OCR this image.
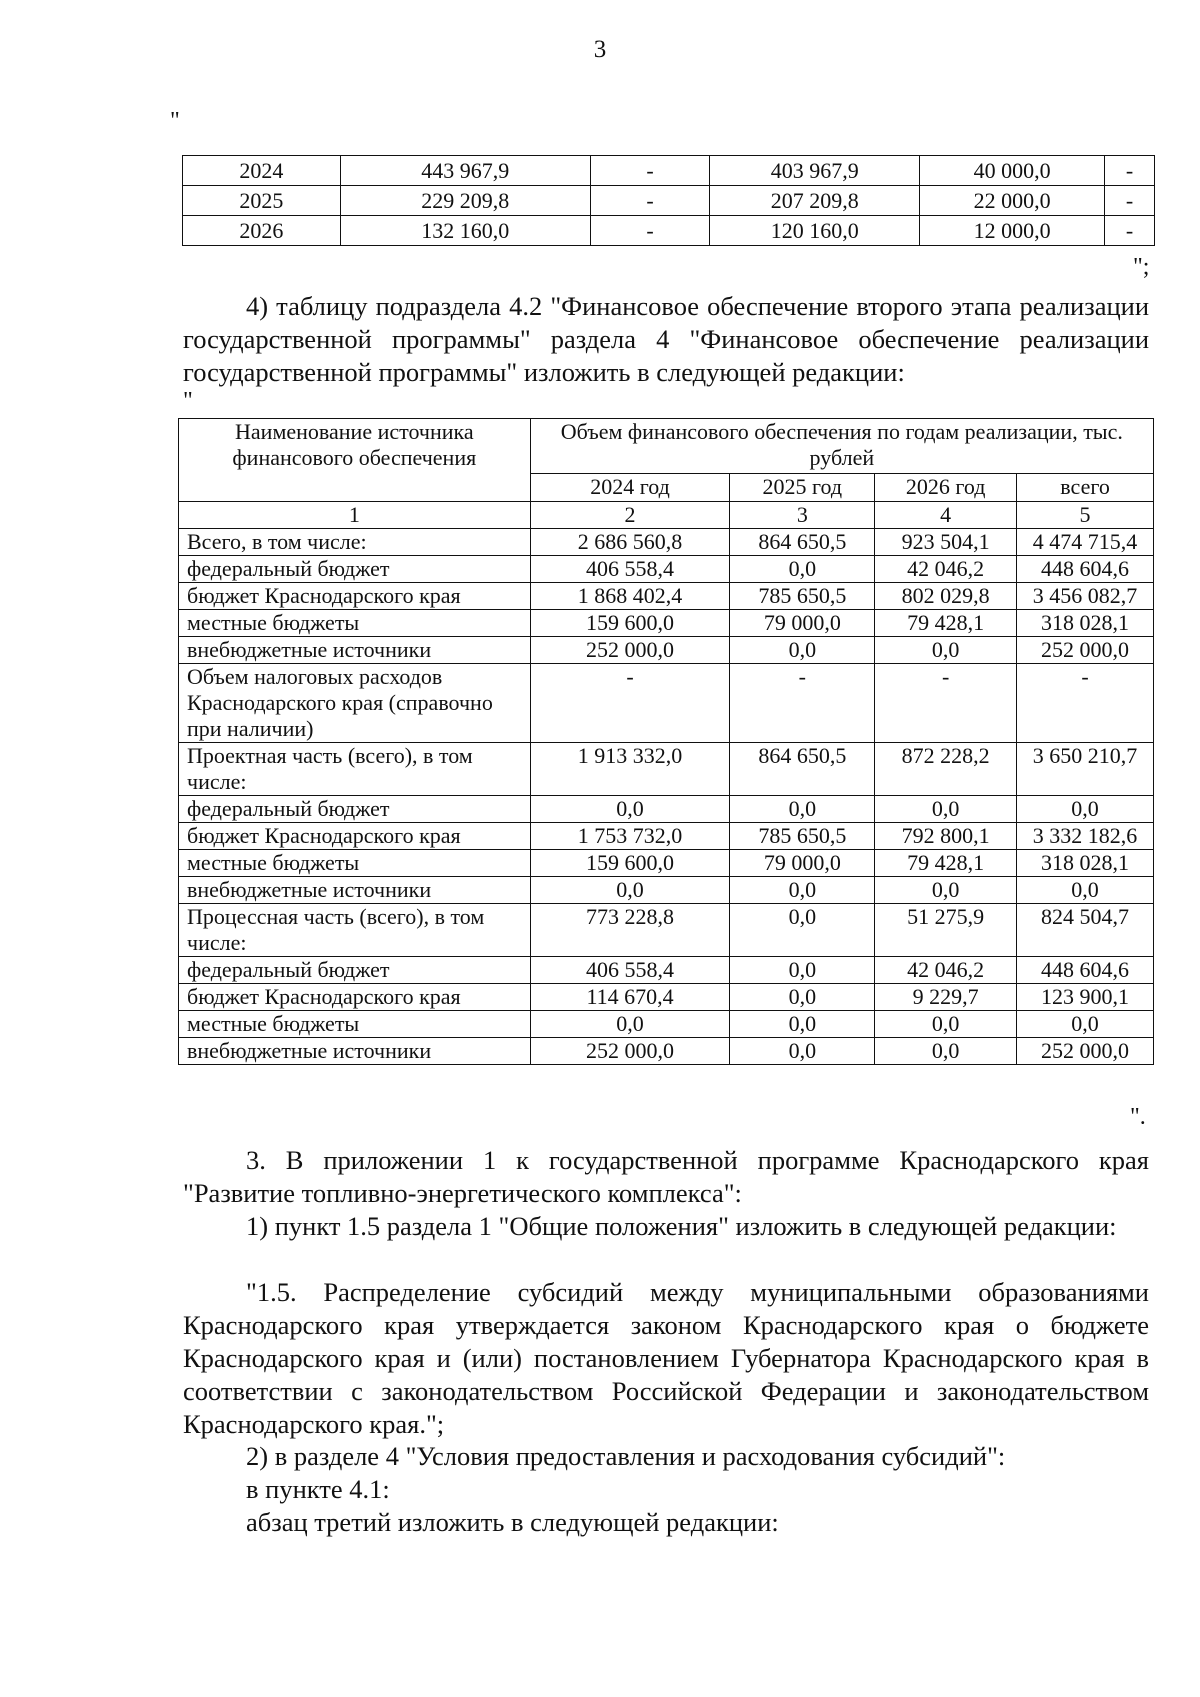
3
"
2024	443 967,9	-	403 967,9	40 000,0	-
2025	229 209,8	-	207 209,8	22 000,0	-
2026	132 160,0	-	120 160,0	12 000,0	-
";
4) таблицу подраздела 4.2 "Финансовое обеспечение второго этапа реализации государственной программы" раздела 4 "Финансовое обеспечение реализации государственной программы" изложить в следующей редакции:
"
Наименование источника финансового обеспечения	Объем финансового обеспечения по годам реализации, тыс. рублей			
	2024 год	2025 год	2026 год	всего
1	2	3	4	5
Всего, в том числе:	2 686 560,8	864 650,5	923 504,1	4 474 715,4
федеральный бюджет	406 558,4	0,0	42 046,2	448 604,6
бюджет Краснодарского края	1 868 402,4	785 650,5	802 029,8	3 456 082,7
местные бюджеты	159 600,0	79 000,0	79 428,1	318 028,1
внебюджетные источники	252 000,0	0,0	0,0	252 000,0
Объем налоговых расходов Краснодарского края (справочно при наличии)	-	-	-	-
Проектная часть (всего), в том числе:	1 913 332,0	864 650,5	872 228,2	3 650 210,7
федеральный бюджет	0,0	0,0	0,0	0,0
бюджет Краснодарского края	1 753 732,0	785 650,5	792 800,1	3 332 182,6
местные бюджеты	159 600,0	79 000,0	79 428,1	318 028,1
внебюджетные источники	0,0	0,0	0,0	0,0
Процессная часть (всего), в том числе:	773 228,8	0,0	51 275,9	824 504,7
федеральный бюджет	406 558,4	0,0	42 046,2	448 604,6
бюджет Краснодарского края	114 670,4	0,0	9 229,7	123 900,1
местные бюджеты	0,0	0,0	0,0	0,0
внебюджетные источники	252 000,0	0,0	0,0	252 000,0
".
3. В приложении 1 к государственной программе Краснодарского края "Развитие топливно-энергетического комплекса":
1) пункт 1.5 раздела 1 "Общие положения" изложить в следующей редакции:
"1.5. Распределение субсидий между муниципальными образованиями Краснодарского края утверждается законом Краснодарского края о бюджете Краснодарского края и (или) постановлением Губернатора Краснодарского края в соответствии с законодательством Российской Федерации и законодательством Краснодарского края.";
2) в разделе 4 "Условия предоставления и расходования субсидий":
в пункте 4.1:
абзац третий изложить в следующей редакции:
